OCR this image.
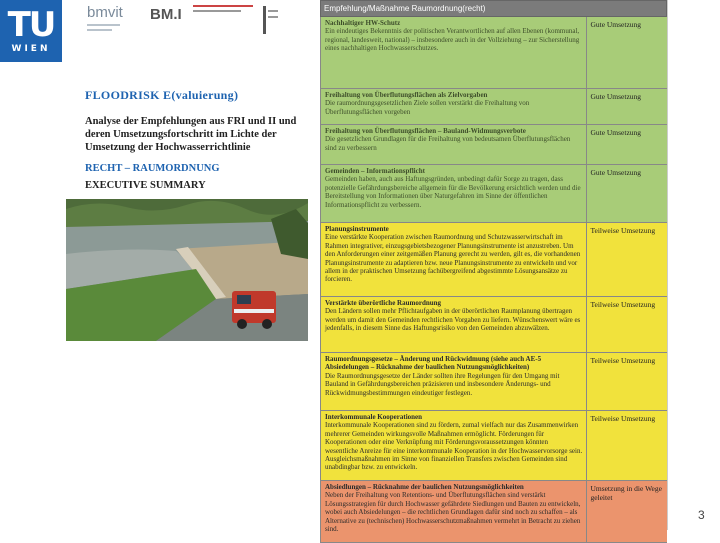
TU
WIEN
bmvit	BM.I
FLOODRISK E(valuierung)
Analyse der Empfehlungen aus FRI und II und deren Umsetzungsfortschritt im Lichte der Umsetzung der Hochwasserrichtlinie
RECHT – RAUMORDNUNG
EXECUTIVE SUMMARY
Empfehlung/Maßnahme Raumordnung(recht)
Nachhaltiger HW-Schutz
Ein eindeutiges Bekenntnis der politischen Verantwortlichen auf allen Ebenen (kommunal, regional, landesweit, national) – insbesondere auch in der Vollziehung – zur Sicherstellung eines nachhaltigen Hochwasserschutzes.
Gute Umsetzung
Freihaltung von Überflutungsflächen als Zielvorgaben
Die raumordnungsgesetzlichen Ziele sollen verstärkt die Freihaltung von Überflutungsflächen vorgeben
Gute Umsetzung
Freihaltung von Überflutungsflächen – Bauland-Widmungsverbote
Die gesetzlichen Grundlagen für die Freihaltung von bedeutsamen Überflutungsflächen sind zu verbessern
Gute Umsetzung
Gemeinden – Informationspflicht
Gemeinden haben, auch aus Haftungsgründen, unbedingt dafür Sorge zu tragen, dass potenzielle Gefährdungsbereiche allgemein für die Bevölkerung ersichtlich werden und die Bereitstellung von Informationen über Naturgefahren im Sinne der öffentlichen Informationspflicht zu verbessern.
Gute Umsetzung
Planungsinstrumente
Eine verstärkte Kooperation zwischen Raumordnung und Schutzwasserwirtschaft im Rahmen integrativer, einzugsgebietsbezogener Planungsinstrumente ist anzustreben. Um den Anforderungen einer zeitgemäßen Planung gerecht zu werden, gilt es, die vorhandenen Planungsinstrumente zu adaptieren bzw. neue Planungsinstrumente zu entwickeln und vor allem in der praktischen Umsetzung fachübergreifend abgestimmte Lösungsansätze zu forcieren.
Teilweise Umsetzung
Verstärkte überörtliche Raumordnung
Den Ländern sollen mehr Pflichtaufgaben in der überörtlichen Raumplanung übertragen werden um damit den Gemeinden rechtlichen Vorgaben zu liefern. Wünschenswert wäre es jedenfalls, in diesem Sinne das Haftungsrisiko von den Gemeinden abzuwälzen.
Teilweise Umsetzung
Raumordnungsgesetze – Änderung und Rückwidmung (siehe auch AE-5 Absiedelungen – Rücknahme der baulichen Nutzungsmöglichkeiten)
Die Raumordnungsgesetze der Länder sollten ihre Regelungen für den Umgang mit Bauland in Gefährdungsbereichen präzisieren und insbesondere Änderungs- und Rückwidmungsbestimmungen eindeutiger festlegen.
Teilweise Umsetzung
Interkommunale Kooperationen
Interkommunale Kooperationen sind zu fördern, zumal vielfach nur das Zusammenwirken mehrerer Gemeinden wirkungsvolle Maßnahmen ermöglicht. Förderungen für Kooperationen oder eine Verknüpfung mit Förderungsvoraussetzungen könnten wesentliche Anreize für eine interkommunale Kooperation in der Hochwasservorsorge sein. Ausgleichsmaßnahmen im Sinne von finanziellen Transfers zwischen Gemeinden sind unabdingbar bzw. zu entwickeln.
Teilweise Umsetzung
Absiedlungen – Rücknahme der baulichen Nutzungsmöglichkeiten
Neben der Freihaltung von Retentions- und Überflutungsflächen sind verstärkt Lösungsstrategien für durch Hochwasser gefährdete Siedlungen und Bauten zu entwickeln, wobei auch Absiedelungen – die rechtlichen Grundlagen dafür sind noch zu schaffen – als Alternative zu (technischen) Hochwasserschutzmaßnahmen vermehrt in Betracht zu ziehen sind.
Umsetzung in die Wege geleitet
3
